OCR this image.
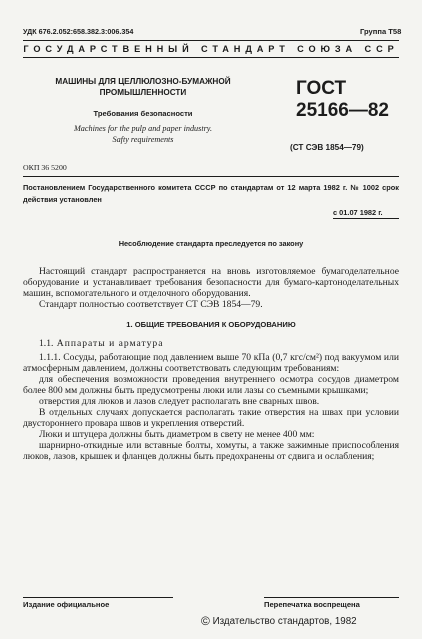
УДК 676.2.052:658.382.3:006.354	Группа Т58
ГОСУДАРСТВЕННЫЙ СТАНДАРТ СОЮЗА ССР
МАШИНЫ ДЛЯ ЦЕЛЛЮЛОЗНО-БУМАЖНОЙ ПРОМЫШЛЕННОСТИ
Требования безопасности
Machines for the pulp and paper industry.
Safty requirements
ГОСТ
25166—82
(СТ СЭВ 1854—79)
ОКП 36 5200
Постановлением Государственного комитета СССР по стандартам от 12 марта 1982 г. № 1002 срок действия установлен
с 01.07 1982 г.
Несоблюдение стандарта преследуется по закону

Настоящий стандарт распространяется на вновь изготовляемое бумагоделательное оборудование и устанавливает требования безопасности для бумаго-картоноделательных машин, вспомогательного и отделочного оборудования.

Стандарт полностью соответствует СТ СЭВ 1854—79.

1. ОБЩИЕ ТРЕБОВАНИЯ К ОБОРУДОВАНИЮ

1.1. Аппараты и арматура

1.1.1. Сосуды, работающие под давлением выше 70 кПа (0,7 кгс/см²) под вакуумом или атмосферным давлением, должны соответствовать следующим требованиям:

для обеспечения возможности проведения внутреннего осмотра сосудов диаметром более 800 мм должны быть предусмотрены люки или лазы со съемными крышками;

отверстия для люков и лазов следует располагать вне сварных швов.

В отдельных случаях допускается располагать такие отверстия на швах при условии двустороннего провара швов и укрепления отверстий.

Люки и штуцера должны быть диаметром в свету не менее 400 мм:

шарнирно-откидные или вставные болты, хомуты, а также зажимные приспособления люков, лазов, крышек и фланцев должны быть предохранены от сдвига и ослабления;

Издание официальное	Перепечатка воспрещена
© Издательство стандартов, 1982
